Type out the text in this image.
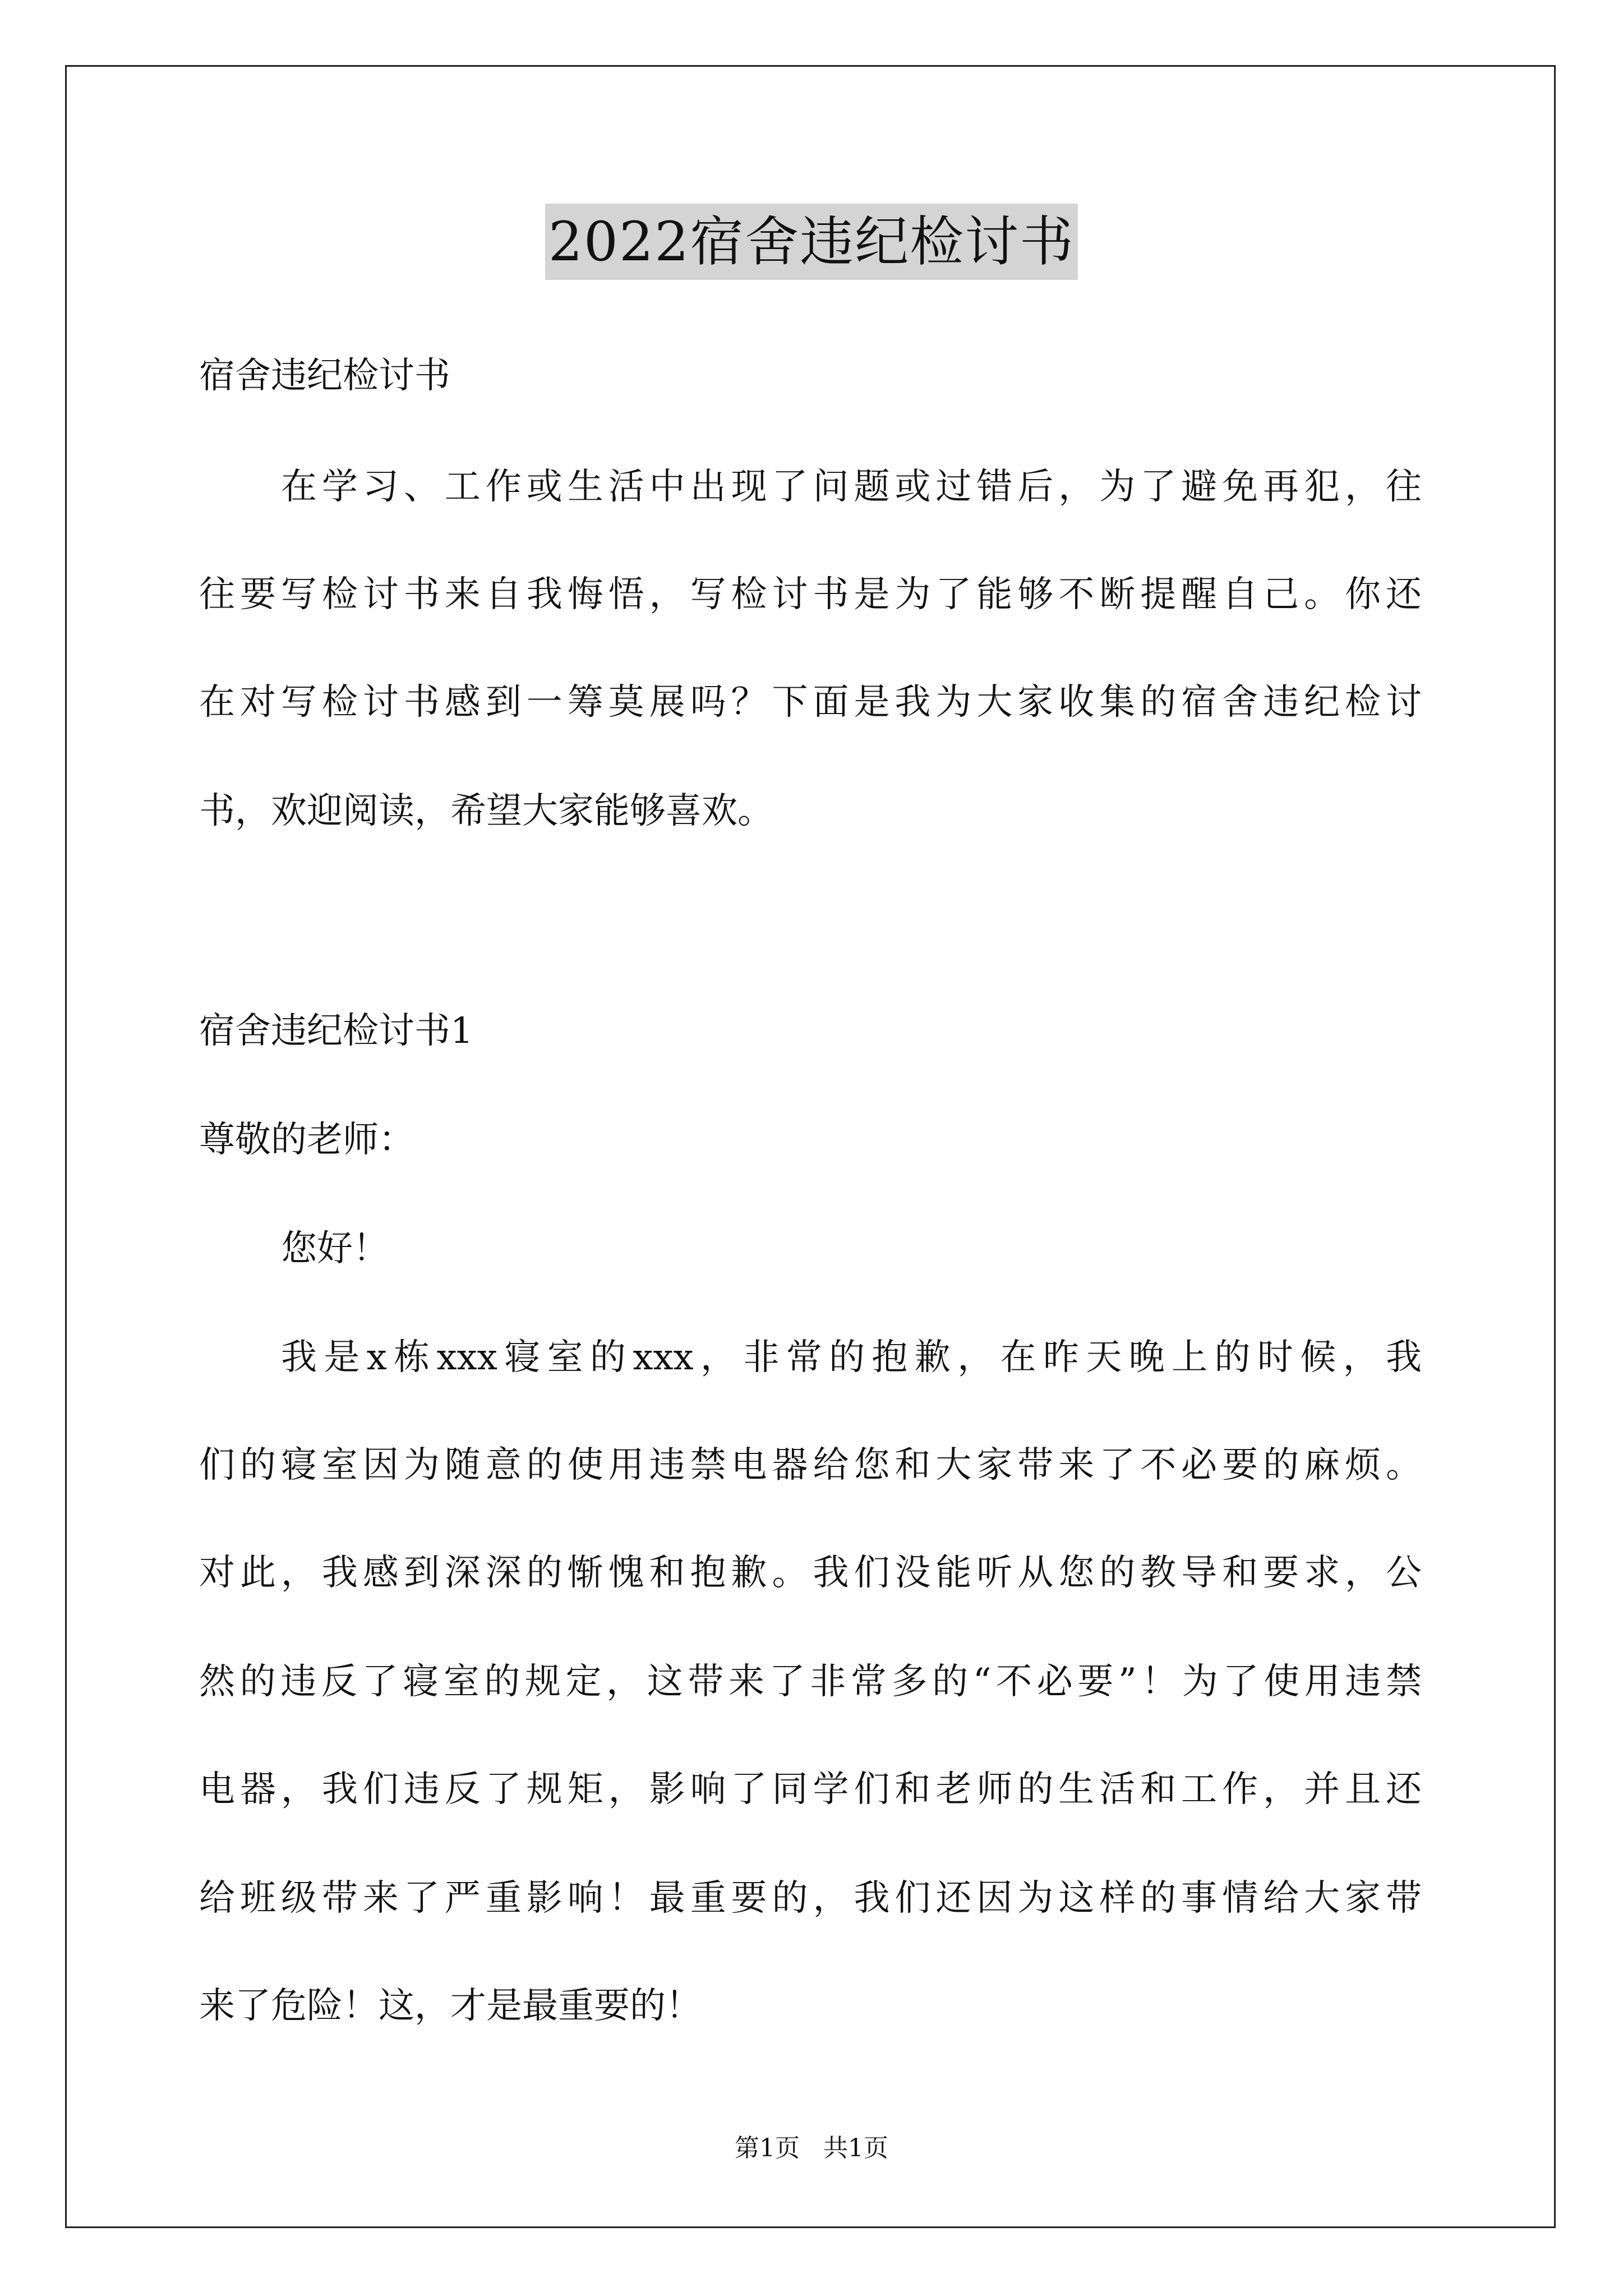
2022宿舍违纪检讨书
宿舍违纪检讨书
在学习、工作或生活中出现了问题或过错后，为了避免再犯，往
往要写检讨书来自我悔悟，写检讨书是为了能够不断提醒自己。你还
在对写检讨书感到一筹莫展吗？下面是我为大家收集的宿舍违纪检讨
书，欢迎阅读，希望大家能够喜欢。
宿舍违纪检讨书1
尊敬的老师：
您好！
我是x栋xxx寝室的xxx，非常的抱歉，在昨天晚上的时候，我
们的寝室因为随意的使用违禁电器给您和大家带来了不必要的麻烦。
对此，我感到深深的惭愧和抱歉。我们没能听从您的教导和要求，公
然的违反了寝室的规定，这带来了非常多的“不必要”！为了使用违禁
电器，我们违反了规矩，影响了同学们和老师的生活和工作，并且还
给班级带来了严重影响！最重要的，我们还因为这样的事情给大家带
来了危险！这，才是最重要的！
第1页   共1页
